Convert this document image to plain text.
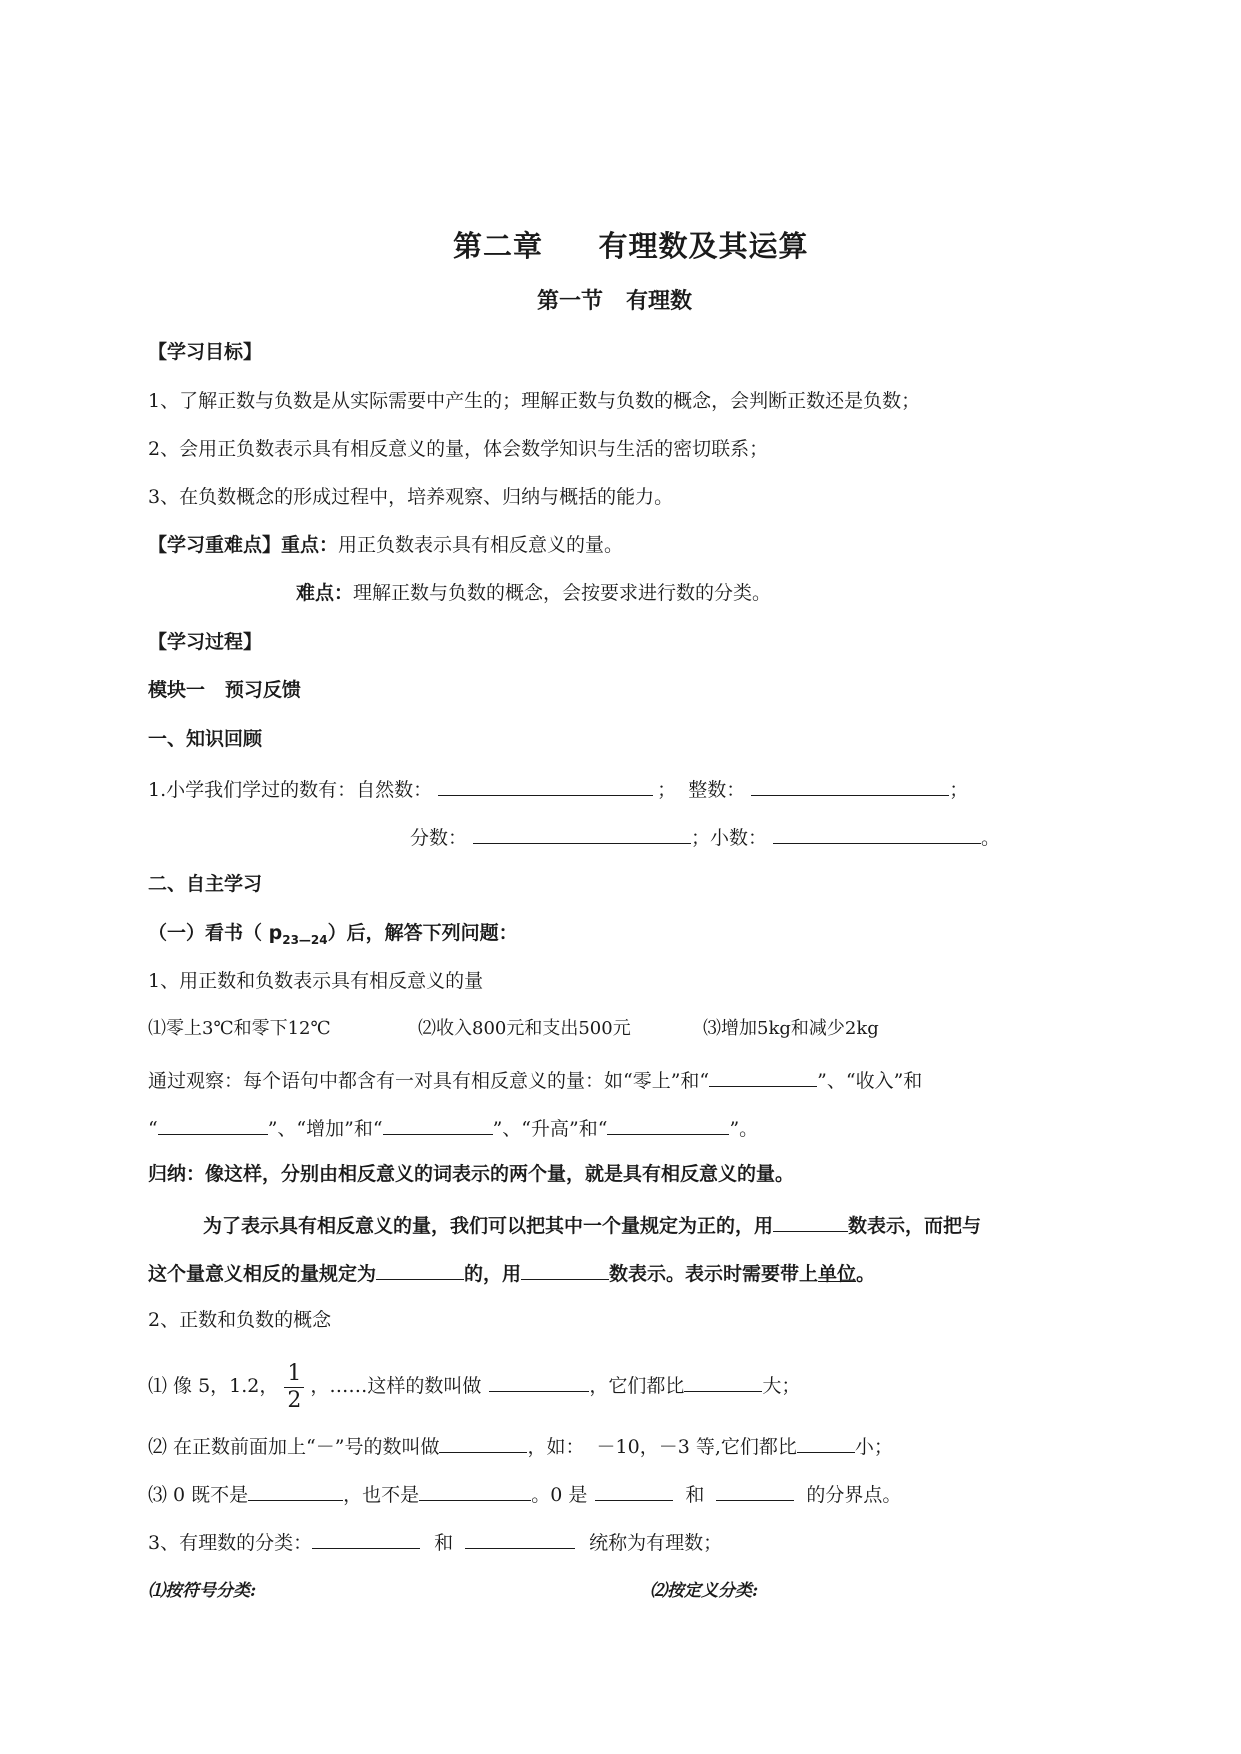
第二章     有理数及其运算
第一节   有理数
【学习目标】
1、了解正数与负数是从实际需要中产生的；理解正数与负数的概念，会判断正数还是负数；
2、会用正负数表示具有相反意义的量，体会数学知识与生活的密切联系；
3、在负数概念的形成过程中，培养观察、归纳与概括的能力。
【学习重难点】重点：用正负数表示具有相反意义的量。
难点：理解正数与负数的概念，会按要求进行数的分类。
【学习过程】
模块一   预习反馈
一、知识回顾
1.小学我们学过的数有：自然数：	；  整数：	；
分数：	；小数：	。
二、自主学习
（一）看书（ $p_{23—24}$）后，解答下列问题：
1、用正数和负数表示具有相反意义的量
⑴零上3℃和零下12℃	⑵收入800元和支出500元	⑶增加5kg和减少2kg
通过观察：每个语句中都含有一对具有相反意义的量：如“零上”和“	”、“收入”和
“	”、“增加”和“	”、“升高”和“	”。
归纳：像这样，分别由相反意义的词表示的两个量，就是具有相反意义的量。
为了表示具有相反意义的量，我们可以把其中一个量规定为正的，用	数表示，而把与
这个量意义相反的量规定为	的，用	数表示。表示时需要带上单位。
2、正数和负数的概念
⑴ 像 5，1.2， $\frac{1}{2}$ ，……这样的数叫做	，它们都比	大；
⑵ 在正数前面加上“－”号的数叫做	，如：  －10，－3 等,它们都比	小；
⑶ 0 既不是	，也不是	。0 是	和	的分界点。
3、有理数的分类：	和	统称为有理数；
⑴按符号分类:	⑵按定义分类:
